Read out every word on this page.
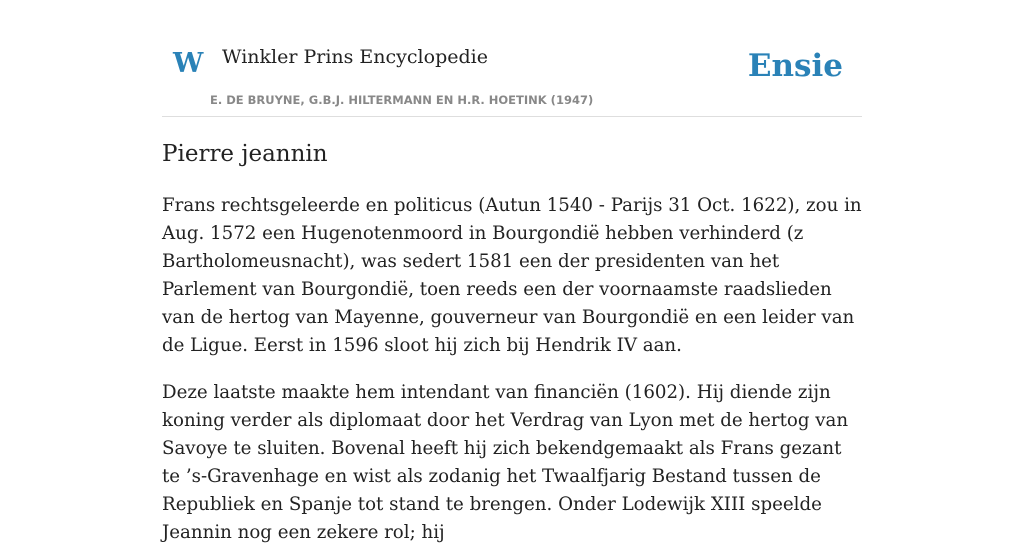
W Winkler Prins Encyclopedie
E. DE BRUYNE, G.B.J. HILTERMANN EN H.R. HOETINK (1947)
Ensie
Pierre jeannin

Frans rechtsgeleerde en politicus (Autun 1540 - Parijs 31 Oct. 1622), zou in Aug. 1572 een Hugenotenmoord in Bourgondië hebben verhinderd (z Bartholomeusnacht), was sedert 1581 een der presidenten van het Parlement van Bourgondië, toen reeds een der voornaamste raadslieden van de hertog van Mayenne, gouverneur van Bourgondië en een leider van de Ligue. Eerst in 1596 sloot hij zich bij Hendrik IV aan.

Deze laatste maakte hem intendant van financiën (1602). Hij diende zijn koning verder als diplomaat door het Verdrag van Lyon met de hertog van Savoye te sluiten. Bovenal heeft hij zich bekendgemaakt als Frans gezant te ’s-Gravenhage en wist als zodanig het Twaalfjarig Bestand tussen de Republiek en Spanje tot stand te brengen. Onder Lodewijk XIII speelde Jeannin nog een zekere rol; hij
